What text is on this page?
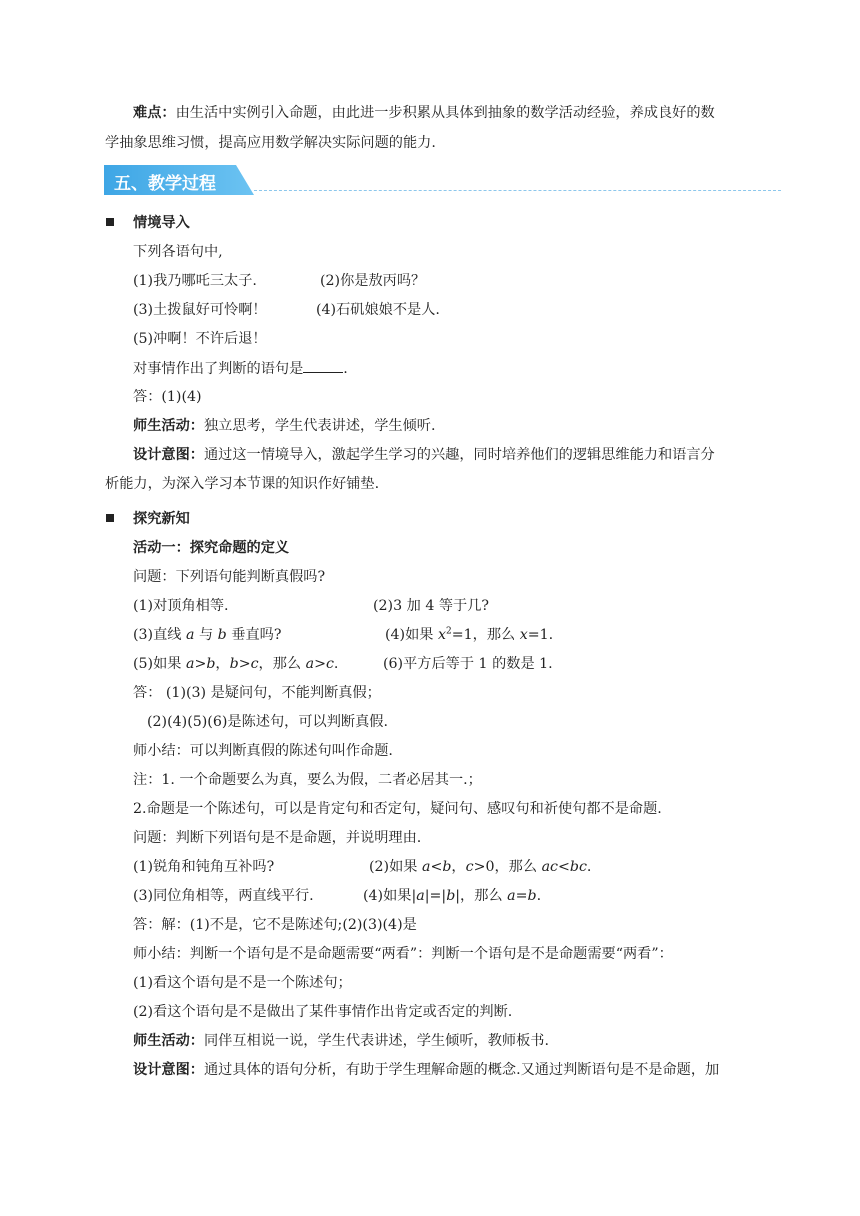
难点：由生活中实例引入命题，由此进一步积累从具体到抽象的数学活动经验，养成良好的数
学抽象思维习惯，提高应用数学解决实际问题的能力.
五、教学过程
情境导入
下列各语句中,
(1)我乃哪吒三太子.	(2)你是敖丙吗？
(3)土拨鼠好可怜啊！	(4)石矶娘娘不是人.
(5)冲啊！不许后退！
对事情作出了判断的语句是	.
答：(1)(4)
师生活动：独立思考，学生代表讲述，学生倾听.
设计意图：通过这一情境导入，激起学生学习的兴趣，同时培养他们的逻辑思维能力和语言分
析能力，为深入学习本节课的知识作好铺垫.
探究新知
活动一：探究命题的定义
问题：下列语句能判断真假吗?
(1)对顶角相等.	(2)3 加 4 等于几?
(3)直线 a 与 b 垂直吗?	(4)如果 $x^2=1$，那么 x=1.
(5)如果 a>b，b>c，那么 a>c.	(6)平方后等于 1 的数是 1.
答： (1)(3) 是疑问句，不能判断真假；
(2)(4)(5)(6)是陈述句，可以判断真假.
师小结：可以判断真假的陈述句叫作命题.
注：1. 一个命题要么为真，要么为假，二者必居其一.；
2.命题是一个陈述句，可以是肯定句和否定句，疑问句、感叹句和祈使句都不是命题.
问题：判断下列语句是不是命题，并说明理由.
(1)锐角和钝角互补吗?	(2)如果 a<b，c>0，那么 ac<bc.
(3)同位角相等，两直线平行.	(4)如果|a|=|b|，那么 a=b.
答：解：(1)不是，它不是陈述句;(2)(3)(4)是
师小结：判断一个语句是不是命题需要“两看”：判断一个语句是不是命题需要“两看”：
(1)看这个语句是不是一个陈述句；
(2)看这个语句是不是做出了某件事情作出肯定或否定的判断.
师生活动：同伴互相说一说，学生代表讲述，学生倾听，教师板书.
设计意图：通过具体的语句分析，有助于学生理解命题的概念.又通过判断语句是不是命题，加
